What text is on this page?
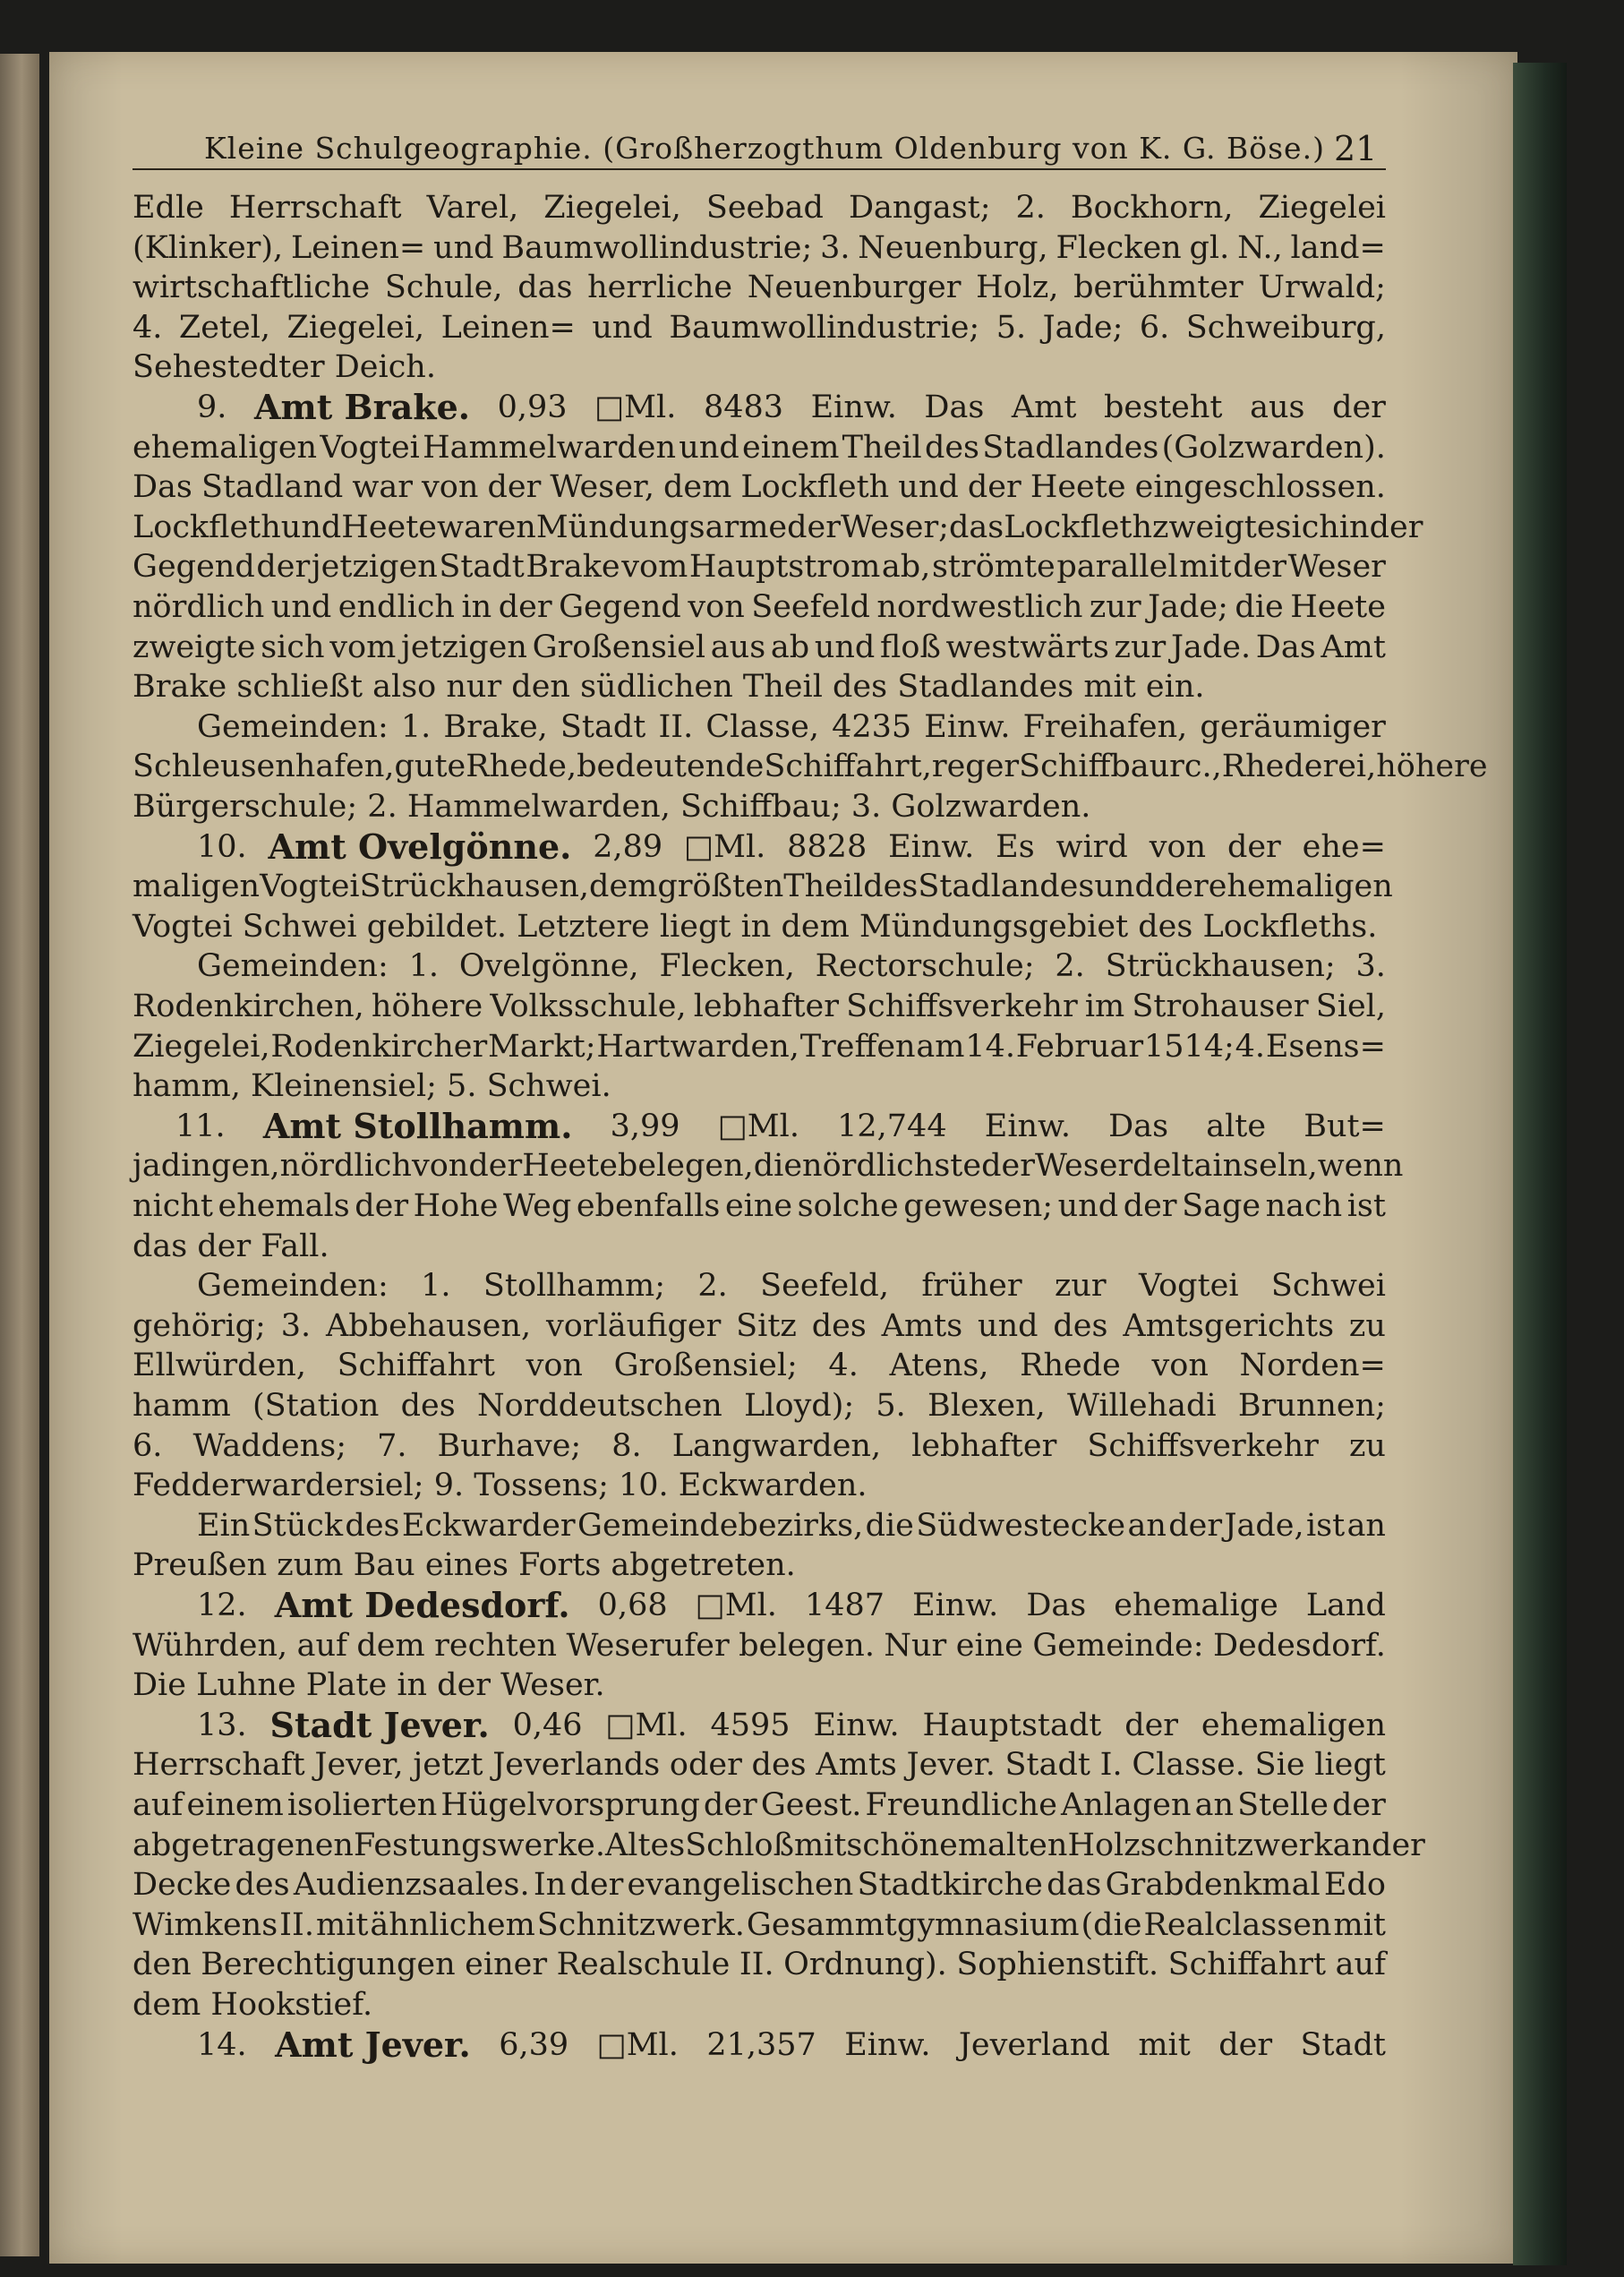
Kleine Schulgeographie. (Großherzogthum Oldenburg von K. G. Böse.) 21
Edle Herrschaft Varel, Ziegelei, Seebad Dangast; 2. Bockhorn, Ziegelei
(Klinker), Leinen= und Baumwollindustrie; 3. Neuenburg, Flecken gl. N., land=
wirtschaftliche Schule, das herrliche Neuenburger Holz, berühmter Urwald;
4. Zetel, Ziegelei, Leinen= und Baumwollindustrie; 5. Jade; 6. Schweiburg,
Sehestedter Deich.
9. Amt Brake. 0,93 □Ml. 8483 Einw. Das Amt besteht aus der
ehemaligen Vogtei Hammelwarden und einem Theil des Stadlandes (Golzwarden).
Das Stadland war von der Weser, dem Lockfleth und der Heete eingeschlossen.
Lockfleth und Heete waren Mündungsarme der Weser; das Lockfleth zweigte sich in der
Gegend der jetzigen Stadt Brake vom Hauptstrom ab, strömte parallel mit der Weser
nördlich und endlich in der Gegend von Seefeld nordwestlich zur Jade; die Heete
zweigte sich vom jetzigen Großensiel aus ab und floß westwärts zur Jade. Das Amt
Brake schließt also nur den südlichen Theil des Stadlandes mit ein.
Gemeinden: 1. Brake, Stadt II. Classe, 4235 Einw. Freihafen, geräumiger
Schleusenhafen, gute Rhede, bedeutende Schiffahrt, reger Schiffbau rc., Rhederei, höhere
Bürgerschule; 2. Hammelwarden, Schiffbau; 3. Golzwarden.
10. Amt Ovelgönne. 2,89 □Ml. 8828 Einw. Es wird von der ehe=
maligen Vogtei Strückhausen, dem größten Theil des Stadlandes und der ehemaligen
Vogtei Schwei gebildet. Letztere liegt in dem Mündungsgebiet des Lockfleths.
Gemeinden: 1. Ovelgönne, Flecken, Rectorschule; 2. Strückhausen; 3.
Rodenkirchen, höhere Volksschule, lebhafter Schiffsverkehr im Strohauser Siel,
Ziegelei, Rodenkircher Markt; Hartwarden, Treffen am 14. Februar 1514; 4. Esens=
hamm, Kleinensiel; 5. Schwei.
11. Amt Stollhamm. 3,99 □Ml. 12,744 Einw. Das alte But=
jadingen, nördlich von der Heete belegen, die nördlichste der Weserdeltainseln, wenn
nicht ehemals der Hohe Weg ebenfalls eine solche gewesen; und der Sage nach ist
das der Fall.
Gemeinden: 1. Stollhamm; 2. Seefeld, früher zur Vogtei Schwei
gehörig; 3. Abbehausen, vorläufiger Sitz des Amts und des Amtsgerichts zu
Ellwürden, Schiffahrt von Großensiel; 4. Atens, Rhede von Norden=
hamm (Station des Norddeutschen Lloyd); 5. Blexen, Willehadi Brunnen;
6. Waddens; 7. Burhave; 8. Langwarden, lebhafter Schiffsverkehr zu
Fedderwardersiel; 9. Tossens; 10. Eckwarden.
Ein Stück des Eckwarder Gemeindebezirks, die Südwestecke an der Jade, ist an
Preußen zum Bau eines Forts abgetreten.
12. Amt Dedesdorf. 0,68 □Ml. 1487 Einw. Das ehemalige Land
Wührden, auf dem rechten Weserufer belegen. Nur eine Gemeinde: Dedesdorf.
Die Luhne Plate in der Weser.
13. Stadt Jever. 0,46 □Ml. 4595 Einw. Hauptstadt der ehemaligen
Herrschaft Jever, jetzt Jeverlands oder des Amts Jever. Stadt I. Classe. Sie liegt
auf einem isolierten Hügelvorsprung der Geest. Freundliche Anlagen an Stelle der
abgetragenen Festungswerke. Altes Schloß mit schönem alten Holzschnitzwerk an der
Decke des Audienzsaales. In der evangelischen Stadtkirche das Grabdenkmal Edo
Wimkens II. mit ähnlichem Schnitzwerk. Gesammtgymnasium (die Realclassen mit
den Berechtigungen einer Realschule II. Ordnung). Sophienstift. Schiffahrt auf
dem Hookstief.
14. Amt Jever. 6,39 □Ml. 21,357 Einw. Jeverland mit der Stadt
